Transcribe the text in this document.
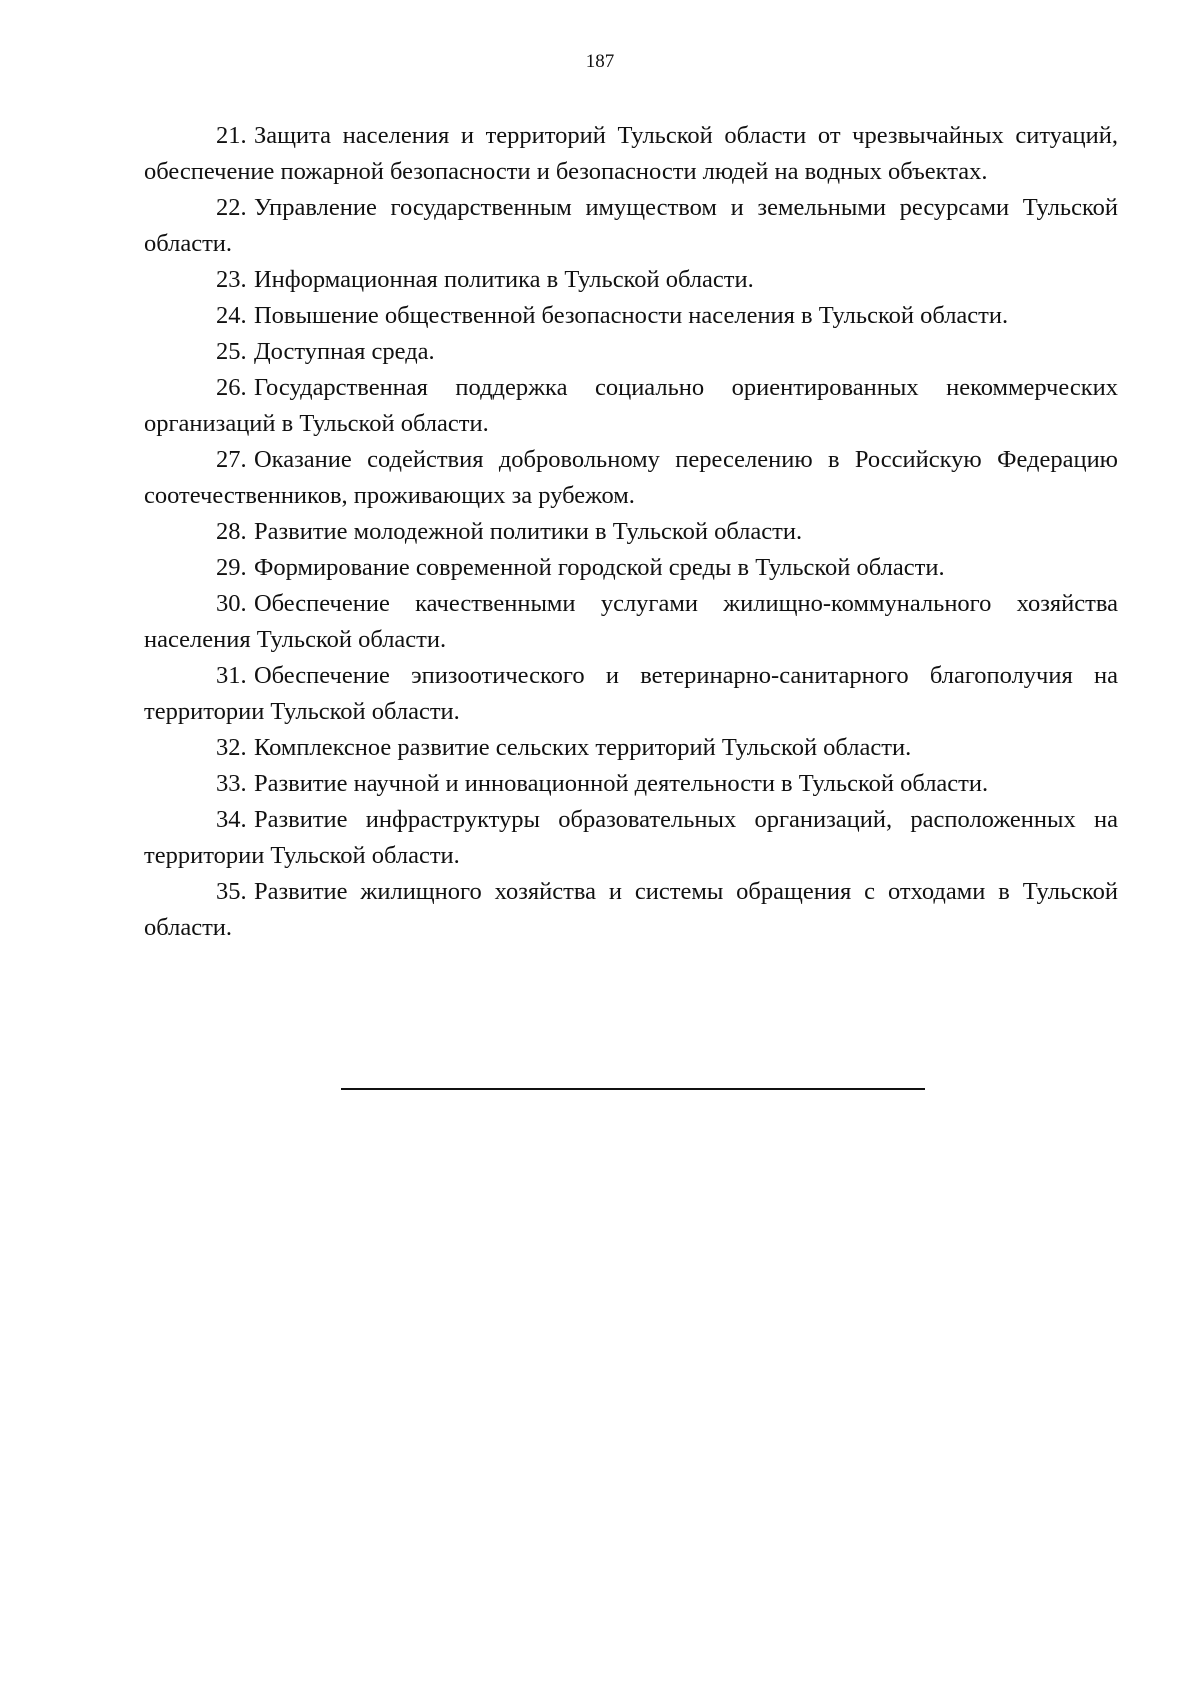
187

21. Защита населения и территорий Тульской области от чрезвычайных ситуаций, обеспечение пожарной безопасности и безопасности людей на водных объектах.

22. Управление государственным имуществом и земельными ресурсами Тульской области.

23. Информационная политика в Тульской области.

24. Повышение общественной безопасности населения в Тульской области.

25. Доступная среда.

26. Государственная поддержка социально ориентированных некоммерческих организаций в Тульской области.

27. Оказание содействия добровольному переселению в Российскую Федерацию соотечественников, проживающих за рубежом.

28. Развитие молодежной политики в Тульской области.

29. Формирование современной городской среды в Тульской области.

30. Обеспечение качественными услугами жилищно-коммунального хозяйства населения Тульской области.

31. Обеспечение эпизоотического и ветеринарно-санитарного благополучия на территории Тульской области.

32. Комплексное развитие сельских территорий Тульской области.

33. Развитие научной и инновационной деятельности в Тульской области.

34. Развитие инфраструктуры образовательных организаций, расположенных на территории Тульской области.

35. Развитие жилищного хозяйства и системы обращения с отходами в Тульской области.
